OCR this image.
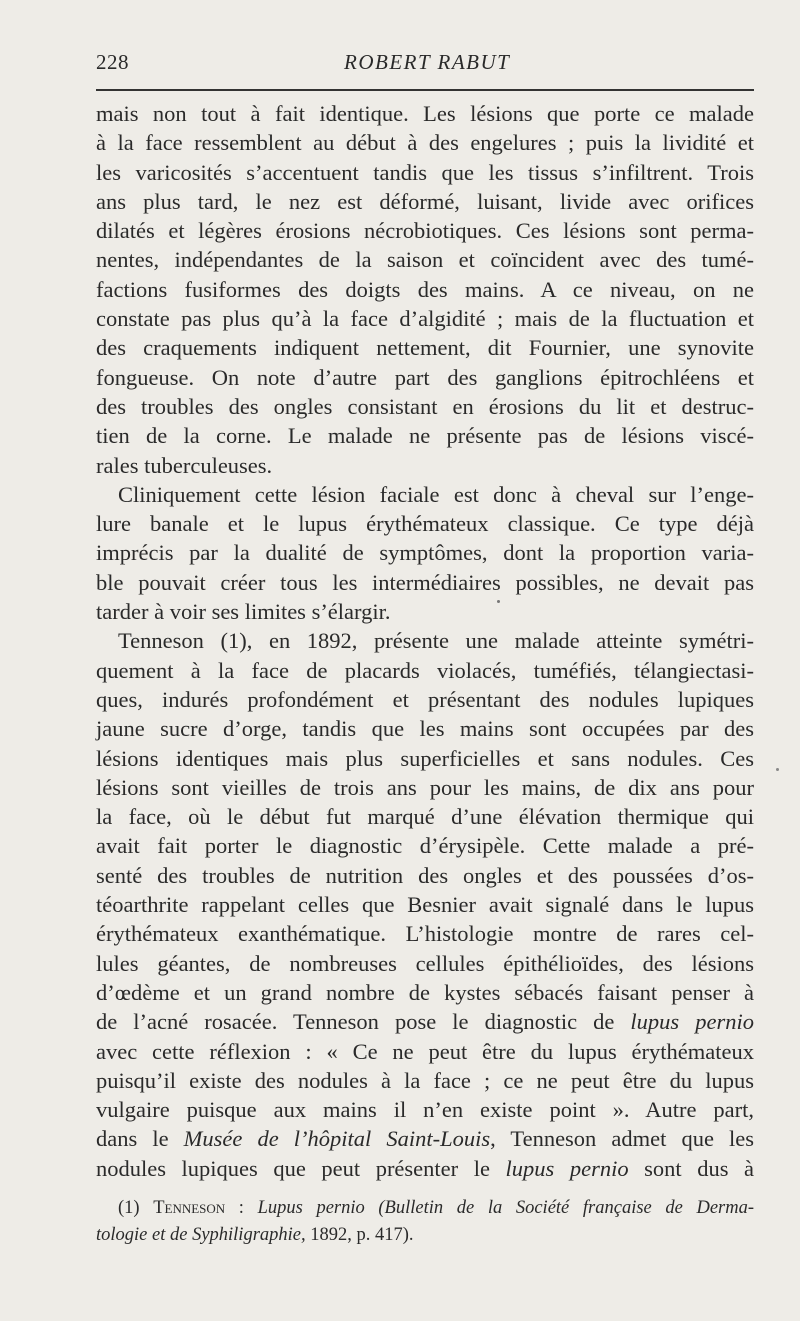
228	ROBERT RABUT

mais non tout à fait identique. Les lésions que porte ce malade
à la face ressemblent au début à des engelures ; puis la lividité et
les varicosités s’accentuent tandis que les tissus s’infiltrent. Trois
ans plus tard, le nez est déformé, luisant, livide avec orifices
dilatés et légères érosions nécrobiotiques. Ces lésions sont perma-
nentes, indépendantes de la saison et coïncident avec des tumé-
factions fusiformes des doigts des mains. A ce niveau, on ne
constate pas plus qu’à la face d’algidité ; mais de la fluctuation et
des craquements indiquent nettement, dit Fournier, une synovite
fongueuse. On note d’autre part des ganglions épitrochléens et
des troubles des ongles consistant en érosions du lit et destruc-
tien de la corne. Le malade ne présente pas de lésions viscé-
rales tuberculeuses.

Cliniquement cette lésion faciale est donc à cheval sur l’enge-
lure banale et le lupus érythémateux classique. Ce type déjà
imprécis par la dualité de symptômes, dont la proportion varia-
ble pouvait créer tous les intermédiaires possibles, ne devait pas
tarder à voir ses limites s’élargir.

Tenneson (1), en 1892, présente une malade atteinte symétri-
quement à la face de placards violacés, tuméfiés, télangiectasi-
ques, indurés profondément et présentant des nodules lupiques
jaune sucre d’orge, tandis que les mains sont occupées par des
lésions identiques mais plus superficielles et sans nodules. Ces
lésions sont vieilles de trois ans pour les mains, de dix ans pour
la face, où le début fut marqué d’une élévation thermique qui
avait fait porter le diagnostic d’érysipèle. Cette malade a pré-
senté des troubles de nutrition des ongles et des poussées d’os-
téoarthrite rappelant celles que Besnier avait signalé dans le lupus
érythémateux exanthématique. L’histologie montre de rares cel-
lules géantes, de nombreuses cellules épithélioïdes, des lésions
d’œdème et un grand nombre de kystes sébacés faisant penser à
de l’acné rosacée. Tenneson pose le diagnostic de lupus pernio
avec cette réflexion : « Ce ne peut être du lupus érythémateux
puisqu’il existe des nodules à la face ; ce ne peut être du lupus
vulgaire puisque aux mains il n’en existe point ». Autre part,
dans le Musée de l’hôpital Saint-Louis, Tenneson admet que les
nodules lupiques que peut présenter le lupus pernio sont dus à

(1) Tenneson : Lupus pernio (Bulletin de la Société française de Derma-
tologie et de Syphiligraphie, 1892, p. 417).
